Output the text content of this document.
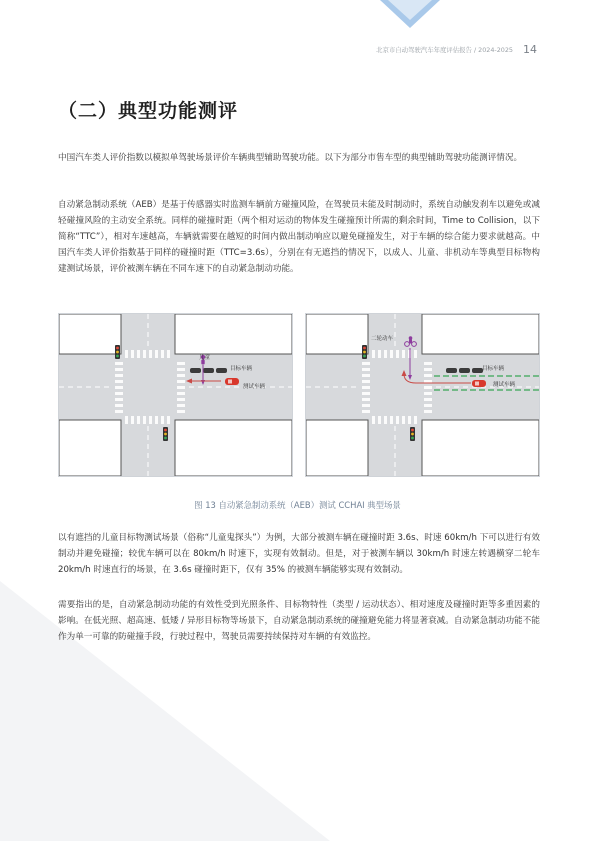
北京市自动驾驶汽车年度评估报告 / 2024-2025 14
（二）典型功能测评

中国汽车类人评价指数以模拟单驾驶场景评价车辆典型辅助驾驶功能。以下为部分市售车型的典型辅助驾驶功能测评情况。

自动紧急制动系统（AEB）是基于传感器实时监测车辆前方碰撞风险，在驾驶员未能及时制动时，系统自动触发刹车以避免或减轻碰撞风险的主动安全系统。同样的碰撞时距（两个相对运动的物体发生碰撞预计所需的剩余时间，Time to Collision，以下简称“TTC”），相对车速越高，车辆就需要在越短的时间内做出制动响应以避免碰撞发生，对于车辆的综合能力要求就越高。中国汽车类人评价指数基于同样的碰撞时距（TTC=3.6s），分别在有无遮挡的情况下，以成人、儿童、非机动车等典型目标物构建测试场景，评价被测车辆在不同车速下的自动紧急制动功能。

儿童
目标车辆
测试车辆
二轮动车
目标车辆
测试车辆
图 13 自动紧急制动系统（AEB）测试 CCHAI 典型场景

以有遮挡的儿童目标物测试场景（俗称“儿童鬼探头”）为例，大部分被测车辆在碰撞时距 3.6s、时速 60km/h 下可以进行有效制动并避免碰撞；较优车辆可以在 80km/h 时速下，实现有效制动。但是，对于被测车辆以 30km/h 时速左转遇横穿二轮车 20km/h 时速直行的场景，在 3.6s 碰撞时距下，仅有 35% 的被测车辆能够实现有效制动。

需要指出的是，自动紧急制动功能的有效性受到光照条件、目标物特性（类型 / 运动状态）、相对速度及碰撞时距等多重因素的影响。在低光照、超高速、低矮 / 异形目标物等场景下，自动紧急制动系统的碰撞避免能力将显著衰减。自动紧急制动功能不能作为单一可靠的防碰撞手段，行驶过程中，驾驶员需要持续保持对车辆的有效监控。
